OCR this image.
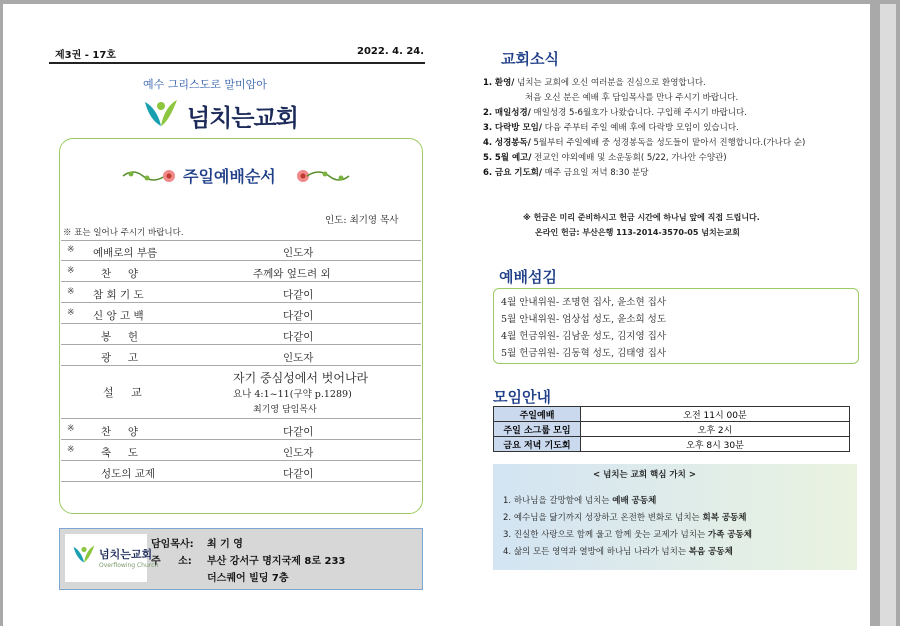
제3권 - 17호	2022. 4. 24.
예수 그리스도로 말미암아
넘치는교회
주일예배순서
인도: 최기영 목사
※ 표는 일어나 주시기 바랍니다.
※ 예배로의 부름	인도자
※	찬     양	주께와 엎드려 외
※ 참 회 기 도	다같이
※ 신 앙 고 백	다같이
봉     헌	다같이
광     고	인도자
설     교
자기 중심성에서 벗어나라
요나 4:1~11(구약 p.1289)
최기영 담임목사
※	찬     양	다같이
※	축     도	인도자
성도의 교제	다같이
넘치는교회
Overflowing Church
담임목사: 최 기 영
주     소: 부산 강서구 명지국제 8로 233
더스퀘어 빌딩 7층
교회소식
1. 환영/ 넘치는 교회에 오신 여러분을 진심으로 환영합니다.
처음 오신 분은 예배 후 담임목사를 만나 주시기 바랍니다.
2. 매일성경/ 매일성경 5-6월호가 나왔습니다. 구입해 주시기 바랍니다.
3. 다락방 모임/ 다음 주부터 주일 예배 후에 다락방 모임이 있습니다.
4. 성경봉독/ 5월부터 주일예배 중 성경봉독을 성도들이 맡아서 진행합니다.(가나다 순)
5. 5월 예고/ 전교인 야외예배 및 소운동회( 5/22, 가나안 수양관)
6. 금요 기도회/ 매주 금요일 저녁 8:30 분당
※ 헌금은 미리 준비하시고 헌금 시간에 하나님 앞에 직접 드립니다.
온라인 헌금: 부산은행 113-2014-3570-05 넘치는교회
예배섬김
4월 안내위원- 조명현 집사, 윤소현 집사
5월 안내위원- 엄상섭 성도, 윤소희 성도
4월 헌금위원- 김남운 성도, 김지영 집사
5월 헌금위원- 김동혁 성도, 김태영 집사
모임안내
주일예배	오전 11시 00분
주일 소그룹 모임	오후 2시
금요 저녁 기도회	오후 8시 30분
< 넘치는 교회 핵심 가치 >
1. 하나님을 갈망함에 넘치는 예배 공동체
2. 예수님을 닮기까지 성장하고 온전한 변화로 넘치는 회복 공동체
3. 진실한 사랑으로 함께 울고 함께 웃는 교제가 넘치는 가족 공동체
4. 삶의 모든 영역과 열방에 하나님 나라가 넘치는 복음 공동체
